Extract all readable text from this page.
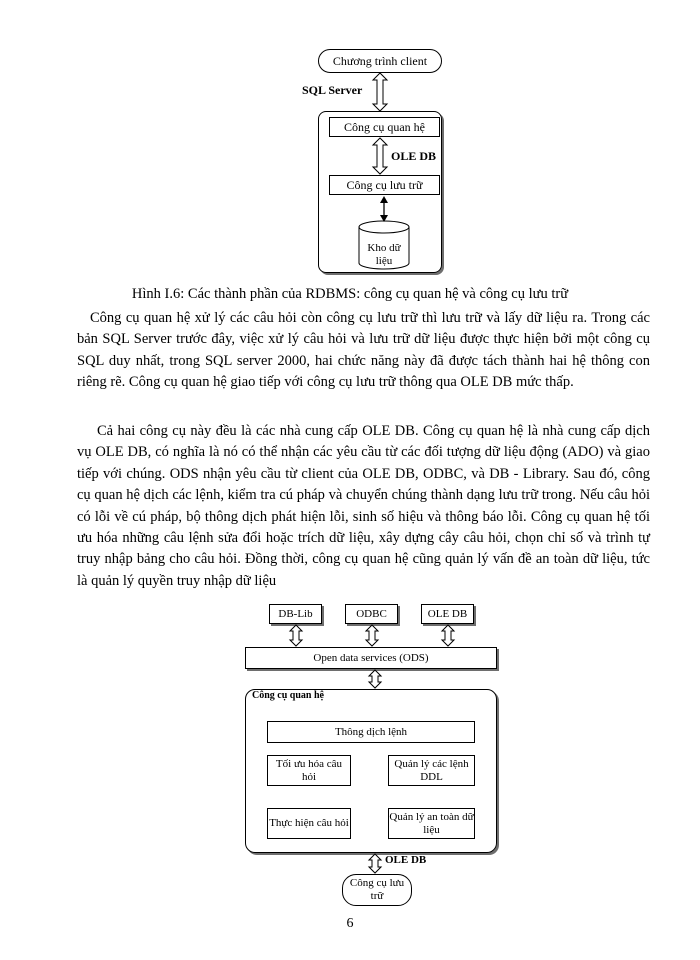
Chương trình client
SQL Server
Công cụ quan hệ
OLE DB
Công cụ lưu trữ
Kho dữ liệu
Hình I.6: Các thành phần của RDBMS: công cụ quan hệ và công cụ lưu trữ

Công cụ quan hệ xử lý các câu hỏi còn công cụ lưu trữ thì lưu trữ và lấy dữ liệu ra. Trong các bản SQL Server trước đây, việc xử lý câu hỏi và lưu trữ dữ liệu được thực hiện bởi một công cụ SQL duy nhất, trong SQL server 2000, hai chức năng này đã được tách thành hai hệ thông con riêng rẽ. Công cụ quan hệ giao tiếp với công cụ lưu trữ thông qua OLE DB mức thấp.

Cả hai công cụ này đều là các nhà cung cấp OLE DB. Công cụ quan hệ là nhà cung cấp dịch vụ OLE DB, có nghĩa là nó có thể nhận các yêu cầu từ các đối tượng dữ liệu động (ADO) và giao tiếp với chúng. ODS nhận yêu cầu từ client của OLE DB, ODBC, và DB - Library. Sau đó, công cụ quan hệ dịch các lệnh, kiểm tra cú pháp và chuyển chúng thành dạng lưu trữ trong. Nếu câu hỏi có lỗi về cú pháp, bộ thông dịch phát hiện lỗi, sinh số hiệu và thông báo lỗi. Công cụ quan hệ tối ưu hóa những câu lệnh sửa đổi hoặc trích dữ liệu, xây dựng cây câu hỏi, chọn chỉ số và trình tự truy nhập bảng cho câu hỏi. Đồng thời, công cụ quan hệ cũng quản lý vấn đề an toàn dữ liệu, tức là quản lý quyền truy nhập dữ liệu

DB-Lib	ODBC	OLE DB
Open data services (ODS)
Công cụ quan hệ
Thông dịch lệnh
Tối ưu hóa câu hỏi
Quản lý các lệnh DDL
Thực hiện câu hỏi
Quản lý an toàn dữ liệu
OLE DB
Công cụ lưu trữ
6
